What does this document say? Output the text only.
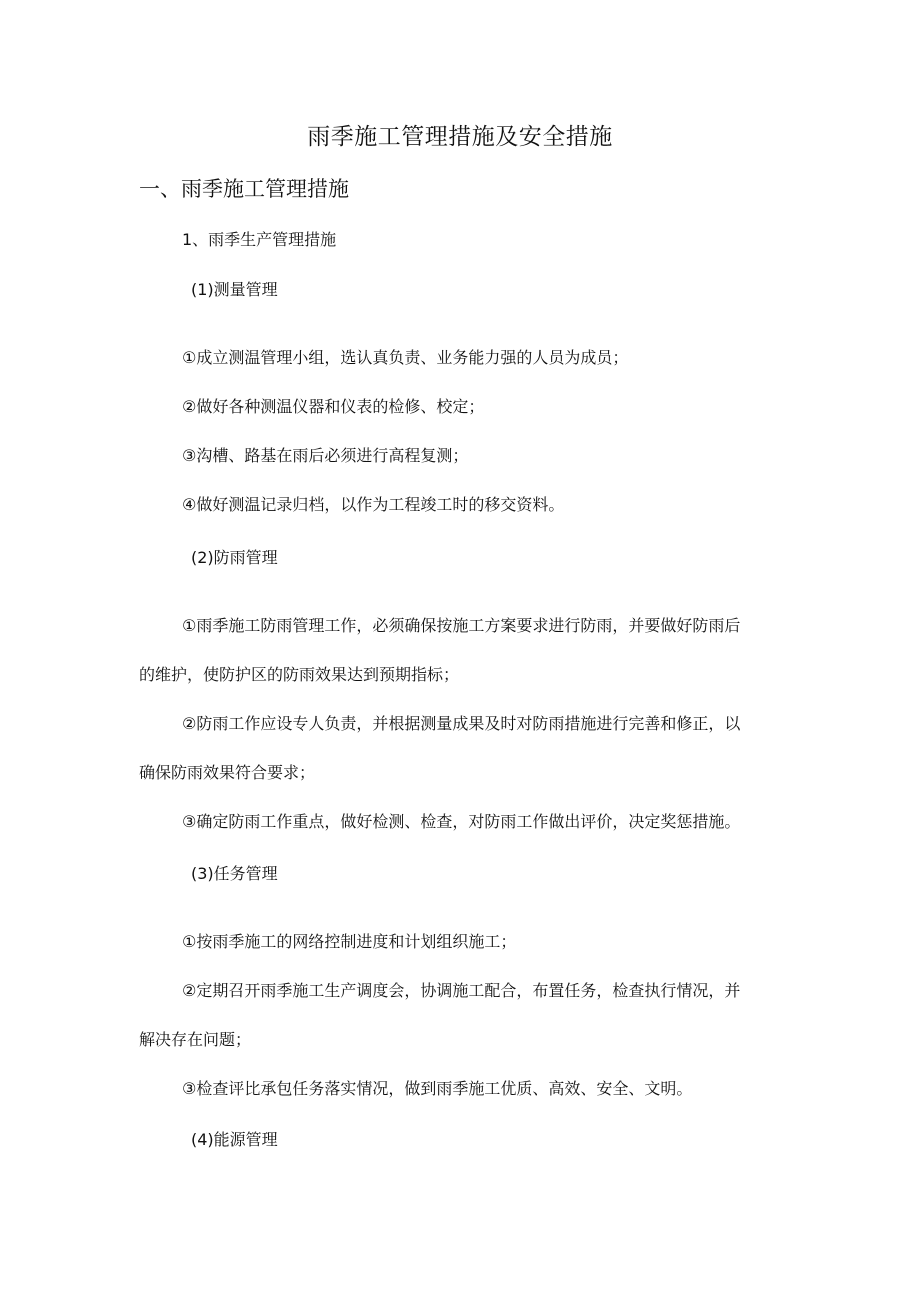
雨季施工管理措施及安全措施
一、雨季施工管理措施
1、雨季生产管理措施
(1)测量管理
①成立测温管理小组，选认真负责、业务能力强的人员为成员；
②做好各种测温仪器和仪表的检修、校定；
③沟槽、路基在雨后必须进行高程复测；
④做好测温记录归档，以作为工程竣工时的移交资料。
(2)防雨管理
①雨季施工防雨管理工作，必须确保按施工方案要求进行防雨，并要做好防雨后
的维护，使防护区的防雨效果达到预期指标；
②防雨工作应设专人负责，并根据测量成果及时对防雨措施进行完善和修正，以
确保防雨效果符合要求；
③确定防雨工作重点，做好检测、检查，对防雨工作做出评价，决定奖惩措施。
(3)任务管理
①按雨季施工的网络控制进度和计划组织施工；
②定期召开雨季施工生产调度会，协调施工配合，布置任务，检查执行情况，并
解决存在问题；
③检查评比承包任务落实情况，做到雨季施工优质、高效、安全、文明。
(4)能源管理
